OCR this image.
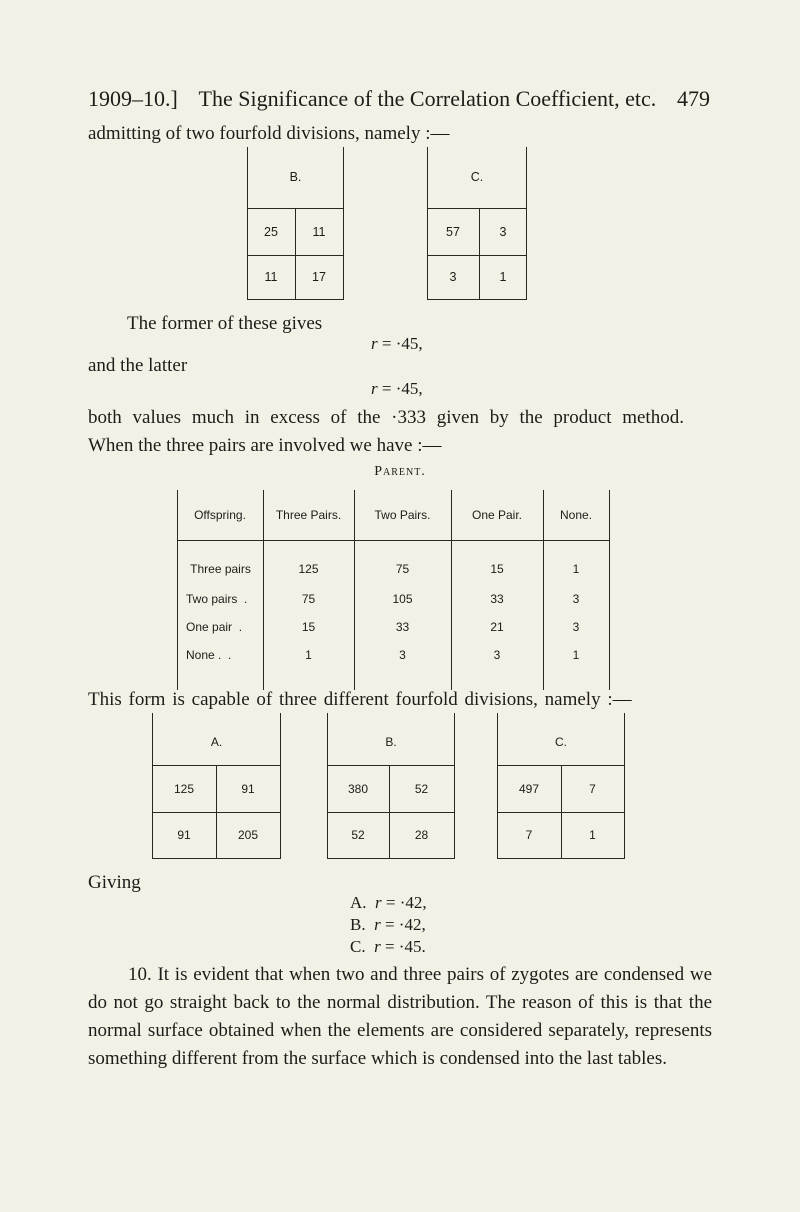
1909–10.] The Significance of the Correlation Coefficient, etc. 479
admitting of two fourfold divisions, namely :—
B.
25	11
11	17
C.
57	3
3	1
The former of these gives
r = ·45,
and the latter
r = ·45,
both values much in excess of the ·333 given by the product method.
When the three pairs are involved we have :—
Parent.
Offspring.	Three Pairs.	Two Pairs.	One Pair.	None.
Three pairs	125	75	15	1
Two pairs  .	75	105	33	3
One pair  .	15	33	21	3
None .  .	1	3	3	1
This form is capable of three different fourfold divisions, namely :—
A.
125	91
91	205
B.
380	52
52	28
C.
497	7
7	1
Giving
A. r = ·42,
B. r = ·42,
C. r = ·45.
10. It is evident that when two and three pairs of zygotes are condensed we do not go straight back to the normal distribution. The reason of this is that the normal surface obtained when the elements are considered separately, represents something different from the surface which is condensed into the last tables.
